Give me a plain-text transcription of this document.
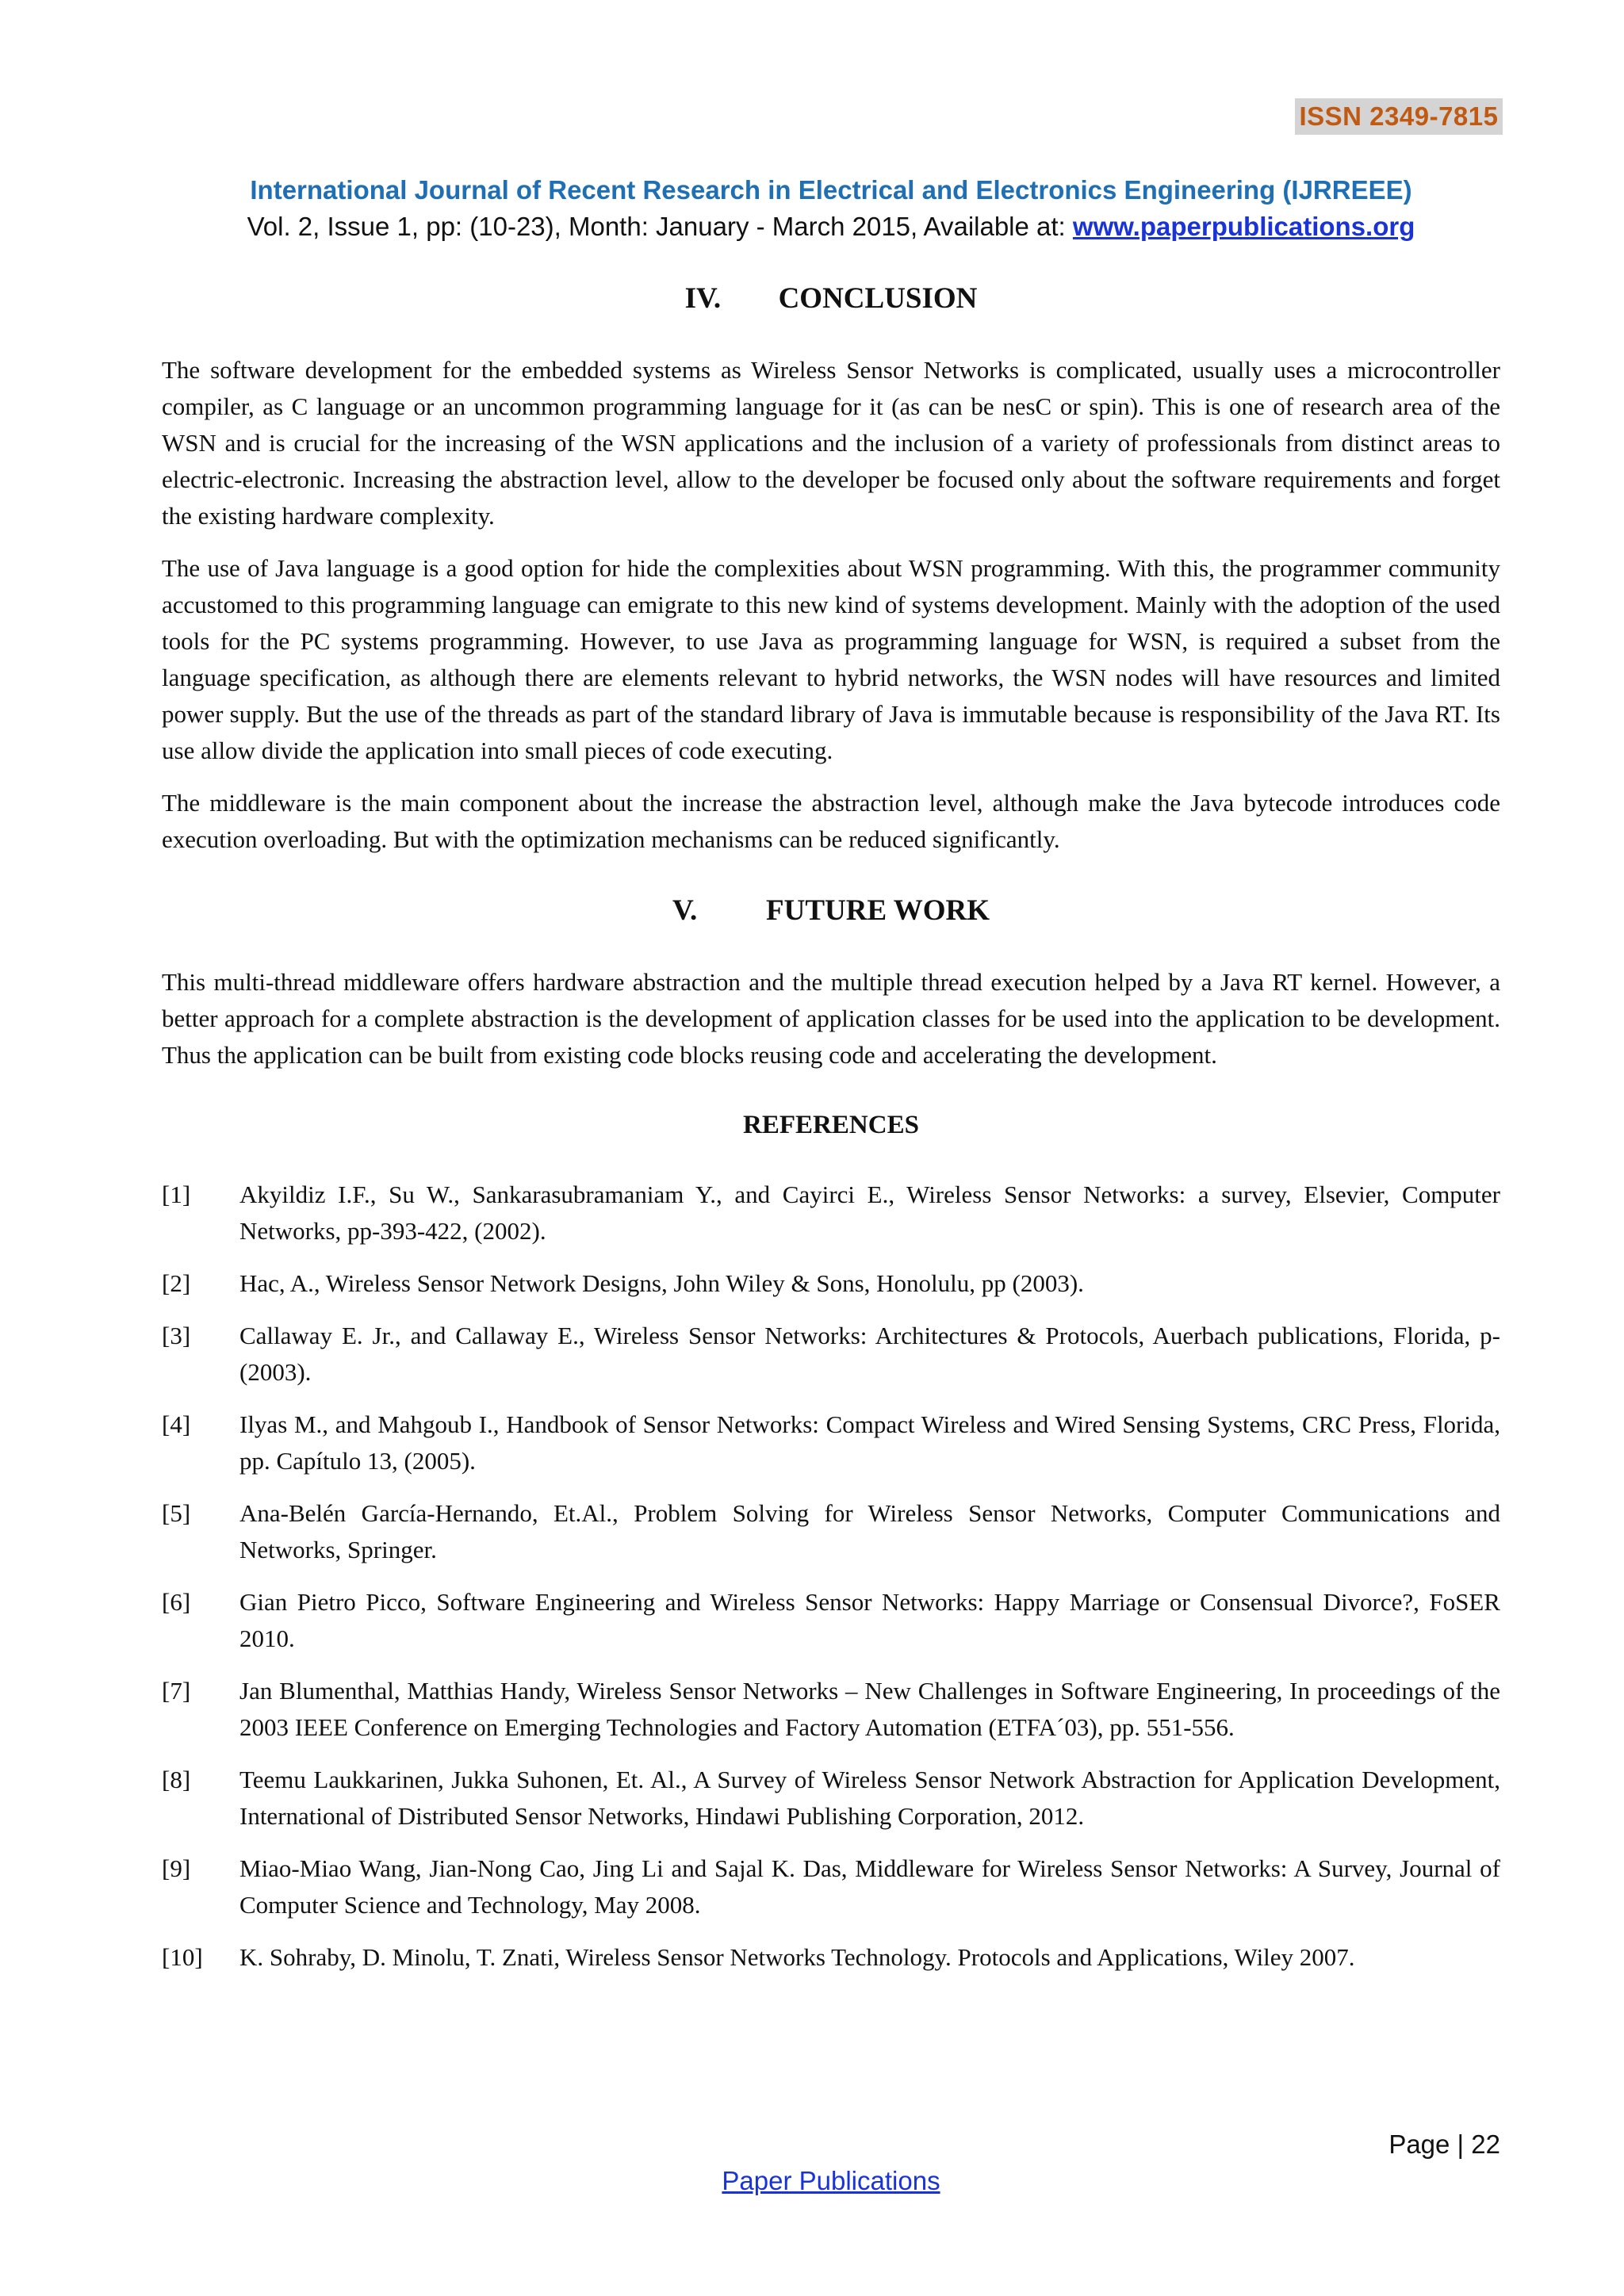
ISSN 2349-7815
International Journal of Recent Research in Electrical and Electronics Engineering (IJRREEE)
Vol. 2, Issue 1, pp: (10-23), Month: January - March 2015, Available at: www.paperpublications.org
IV. CONCLUSION

The software development for the embedded systems as Wireless Sensor Networks is complicated, usually uses a microcontroller compiler, as C language or an uncommon programming language for it (as can be nesC or spin). This is one of research area of the WSN and is crucial for the increasing of the WSN applications and the inclusion of a variety of professionals from distinct areas to electric-electronic. Increasing the abstraction level, allow to the developer be focused only about the software requirements and forget the existing hardware complexity.

The use of Java language is a good option for hide the complexities about WSN programming. With this, the programmer community accustomed to this programming language can emigrate to this new kind of systems development. Mainly with the adoption of the used tools for the PC systems programming. However, to use Java as programming language for WSN, is required a subset from the language specification, as although there are elements relevant to hybrid networks, the WSN nodes will have resources and limited power supply. But the use of the threads as part of the standard library of Java is immutable because is responsibility of the Java RT. Its use allow divide the application into small pieces of code executing.

The middleware is the main component about the increase the abstraction level, although make the Java bytecode introduces code execution overloading. But with the optimization mechanisms can be reduced significantly.

V. FUTURE WORK

This multi-thread middleware offers hardware abstraction and the multiple thread execution helped by a Java RT kernel. However, a better approach for a complete abstraction is the development of application classes for be used into the application to be development. Thus the application can be built from existing code blocks reusing code and accelerating the development.

REFERENCES
[1]	Akyildiz I.F., Su W., Sankarasubramaniam Y., and Cayirci E., Wireless Sensor Networks: a survey, Elsevier, Computer Networks, pp-393-422, (2002).
[2]	Hac, A., Wireless Sensor Network Designs, John Wiley & Sons, Honolulu, pp (2003).
[3]	Callaway E. Jr., and Callaway E., Wireless Sensor Networks: Architectures & Protocols, Auerbach publications, Florida, p- (2003).
[4]	Ilyas M., and Mahgoub I., Handbook of Sensor Networks: Compact Wireless and Wired Sensing Systems, CRC Press, Florida, pp. Capítulo 13, (2005).
[5]	Ana-Belén García-Hernando, Et.Al., Problem Solving for Wireless Sensor Networks, Computer Communications and Networks, Springer.
[6]	Gian Pietro Picco, Software Engineering and Wireless Sensor Networks: Happy Marriage or Consensual Divorce?, FoSER 2010.
[7]	Jan Blumenthal, Matthias Handy, Wireless Sensor Networks – New Challenges in Software Engineering, In proceedings of the 2003 IEEE Conference on Emerging Technologies and Factory Automation (ETFA´03), pp. 551-556.
[8]	Teemu Laukkarinen, Jukka Suhonen, Et. Al., A Survey of Wireless Sensor Network Abstraction for Application Development, International of Distributed Sensor Networks, Hindawi Publishing Corporation, 2012.
[9]	Miao-Miao Wang, Jian-Nong Cao, Jing Li and Sajal K. Das, Middleware for Wireless Sensor Networks: A Survey, Journal of Computer Science and Technology, May 2008.
[10]	K. Sohraby, D. Minolu, T. Znati, Wireless Sensor Networks Technology. Protocols and Applications, Wiley 2007.
Page | 22
Paper Publications
